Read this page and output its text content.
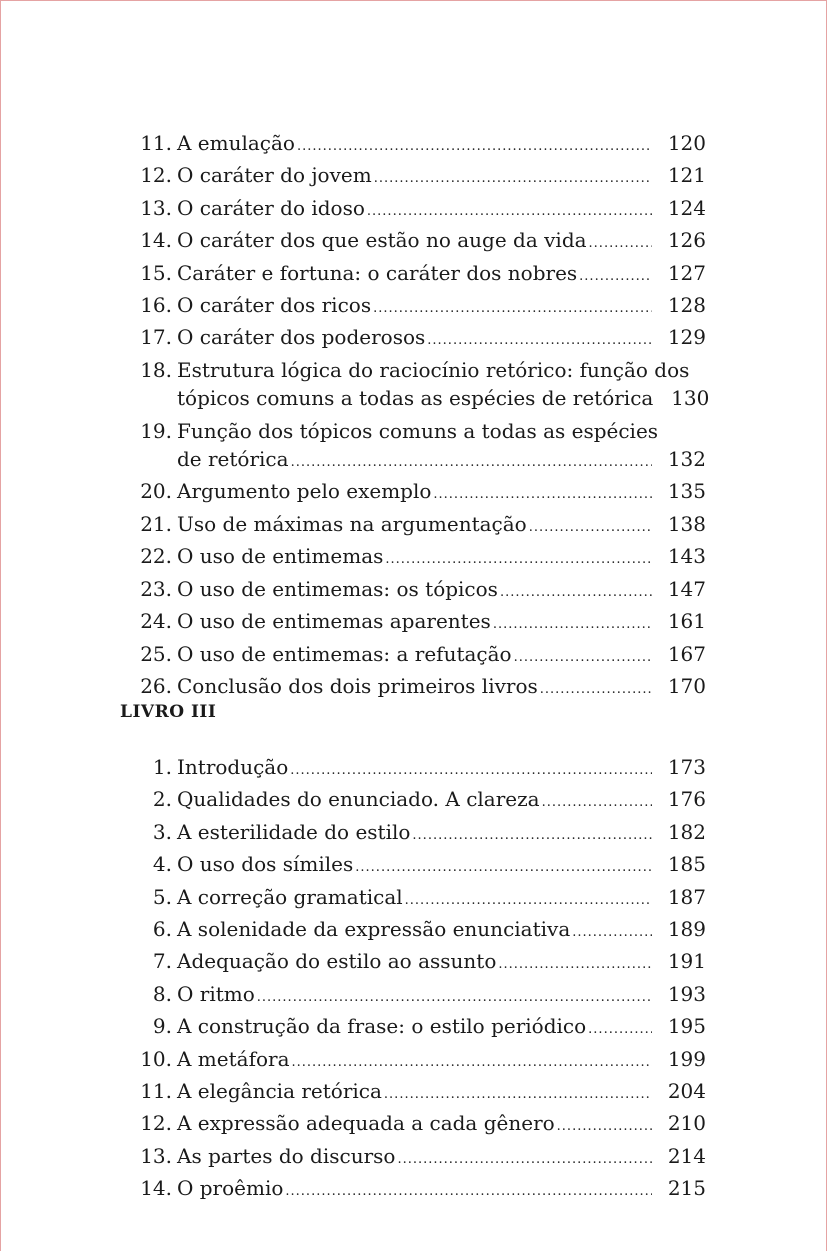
11. A emulação .....	120
12. O caráter do jovem .....	121
13. O caráter do idoso .....	124
14. O caráter dos que estão no auge da vida .....	126
15. Caráter e fortuna: o caráter dos nobres .....	127
16. O caráter dos ricos .....	128
17. O caráter dos poderosos .....	129
18. Estrutura lógica do raciocínio retórico: função dos
tópicos comuns a todas as espécies de retórica 130
19. Função dos tópicos comuns a todas as espécies
de retórica .....	132
20. Argumento pelo exemplo .....	135
21. Uso de máximas na argumentação .....	138
22. O uso de entimemas .....	143
23. O uso de entimemas: os tópicos .....	147
24. O uso de entimemas aparentes .....	161
25. O uso de entimemas: a refutação .....	167
26. Conclusão dos dois primeiros livros .....	170
LIVRO III
1. Introdução .....	173
2. Qualidades do enunciado. A clareza .....	176
3. A esterilidade do estilo .....	182
4. O uso dos símiles .....	185
5. A correção gramatical .....	187
6. A solenidade da expressão enunciativa .....	189
7. Adequação do estilo ao assunto .....	191
8. O ritmo .....	193
9. A construção da frase: o estilo periódico .....	195
10. A metáfora .....	199
11. A elegância retórica .....	204
12. A expressão adequada a cada gênero .....	210
13. As partes do discurso .....	214
14. O proêmio .....	215
